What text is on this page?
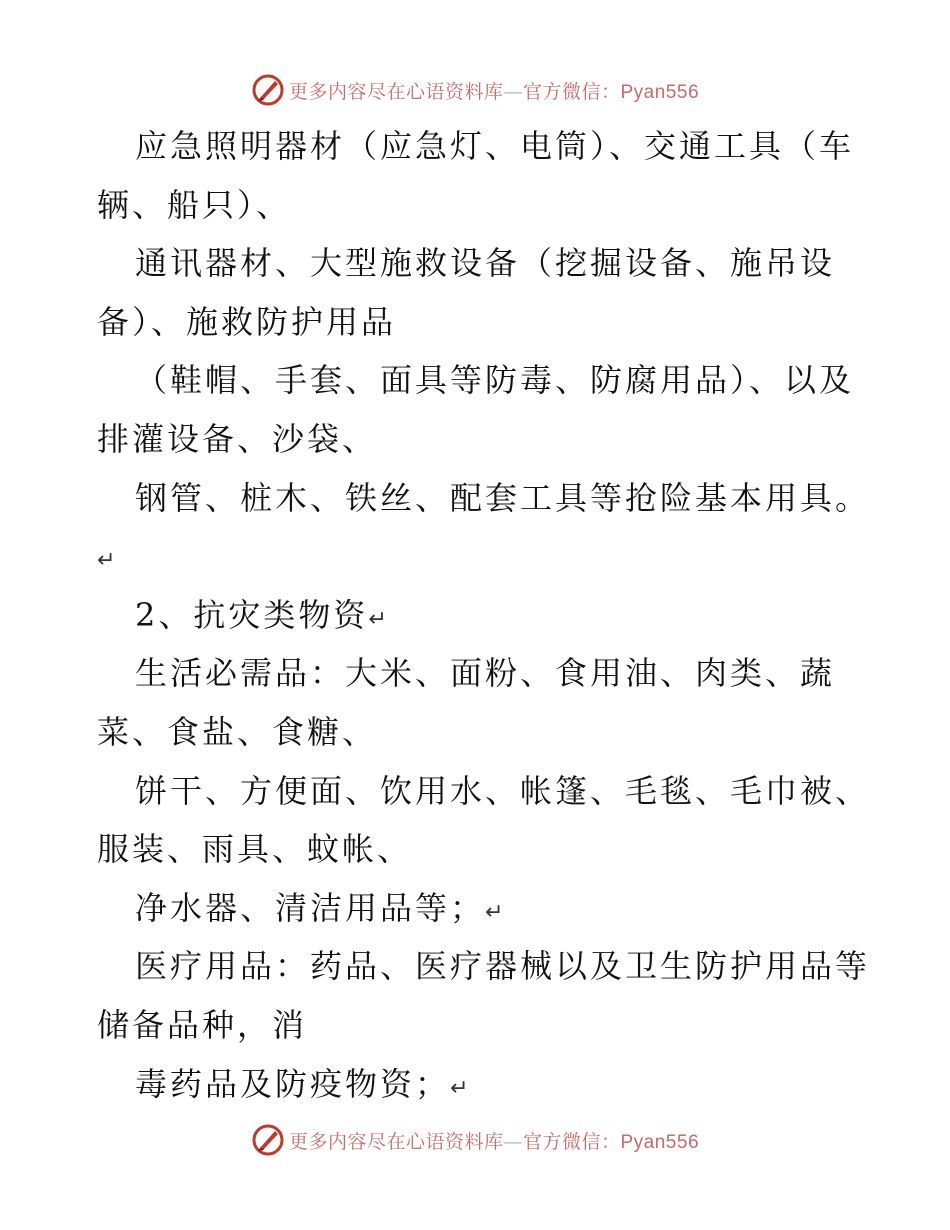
更多内容尽在心语资料库—官方微信：Pyan556
应急照明器材（应急灯、电筒）、交通工具（车
辆、船只）、
通讯器材、大型施救设备（挖掘设备、施吊设
备）、施救防护用品
（鞋帽、手套、面具等防毒、防腐用品）、以及
排灌设备、沙袋、
钢管、桩木、铁丝、配套工具等抢险基本用具。
↵
2、抗灾类物资↵
生活必需品：大米、面粉、食用油、肉类、蔬
菜、食盐、食糖、
饼干、方便面、饮用水、帐篷、毛毯、毛巾被、
服装、雨具、蚊帐、
净水器、清洁用品等；↵
医疗用品：药品、医疗器械以及卫生防护用品等
储备品种，消
毒药品及防疫物资；↵
更多内容尽在心语资料库—官方微信：Pyan556
